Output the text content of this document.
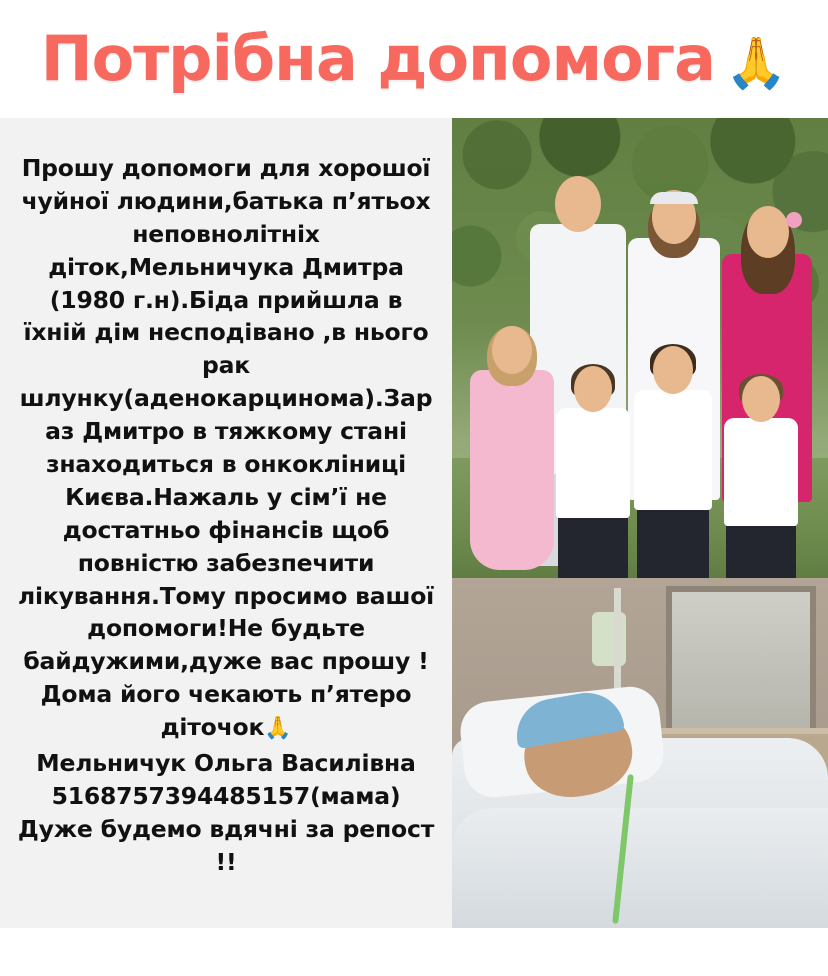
Потрібна допомога 🙏

Прошу допомоги для хорошої чуйної людини,батька п’ятьох неповнолітніх діток,Мельничука Дмитра (1980 г.н).Біда прийшла в їхній дім несподівано ,в нього рак шлунку(аденокарцинома).Зар аз Дмитро в тяжкому стані знаходиться в онкокліниці Києва.Нажаль у сім’ї не достатньо фінансів щоб повністю забезпечити лікування.Тому просимо вашої допомоги!Не будьте байдужими,дуже вас прошу ! Дома його чекають п’ятеро діточок🙏

Мельничук Ольга Василівна

5168757394485157(мама)

Дуже будемо вдячні за репост !!
